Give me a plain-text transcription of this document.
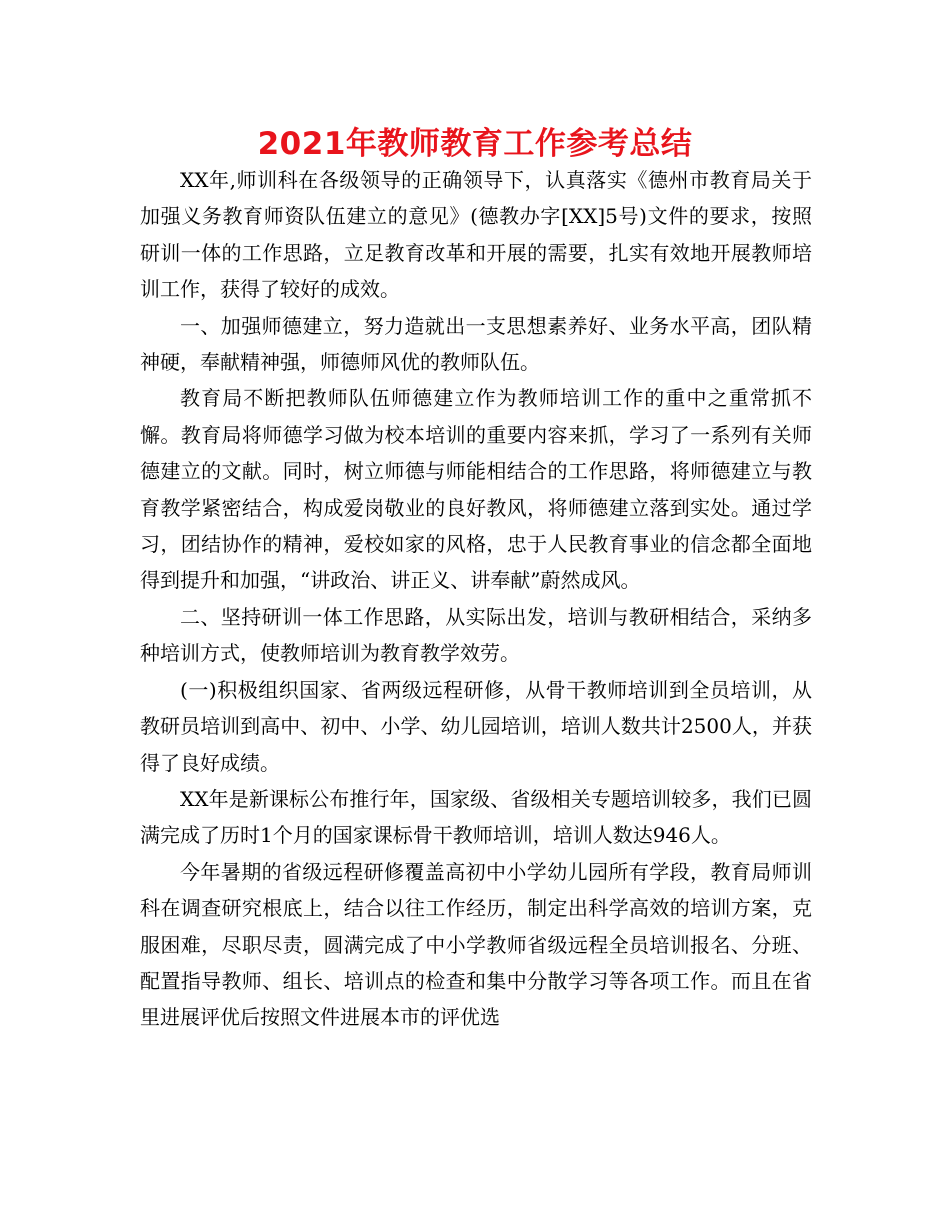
2021年教师教育工作参考总结

XX年,师训科在各级领导的正确领导下，认真落实《德州市教育局关于加强义务教育师资队伍建立的意见》(德教办字[XX]5号)文件的要求，按照研训一体的工作思路，立足教育改革和开展的需要，扎实有效地开展教师培训工作，获得了较好的成效。

一、加强师德建立，努力造就出一支思想素养好、业务水平高，团队精神硬，奉献精神强，师德师风优的教师队伍。

教育局不断把教师队伍师德建立作为教师培训工作的重中之重常抓不懈。教育局将师德学习做为校本培训的重要内容来抓，学习了一系列有关师德建立的文献。同时，树立师德与师能相结合的工作思路，将师德建立与教育教学紧密结合，构成爱岗敬业的良好教风，将师德建立落到实处。通过学习，团结协作的精神，爱校如家的风格，忠于人民教育事业的信念都全面地得到提升和加强，“讲政治、讲正义、讲奉献”蔚然成风。

二、坚持研训一体工作思路，从实际出发，培训与教研相结合，采纳多种培训方式，使教师培训为教育教学效劳。

(一)积极组织国家、省两级远程研修，从骨干教师培训到全员培训，从教研员培训到高中、初中、小学、幼儿园培训，培训人数共计2500人，并获得了良好成绩。

XX年是新课标公布推行年，国家级、省级相关专题培训较多，我们已圆满完成了历时1个月的国家课标骨干教师培训，培训人数达946人。

今年暑期的省级远程研修覆盖高初中小学幼儿园所有学段，教育局师训科在调查研究根底上，结合以往工作经历，制定出科学高效的培训方案，克服困难，尽职尽责，圆满完成了中小学教师省级远程全员培训报名、分班、配置指导教师、组长、培训点的检查和集中分散学习等各项工作。而且在省里进展评优后按照文件进展本市的评优选
